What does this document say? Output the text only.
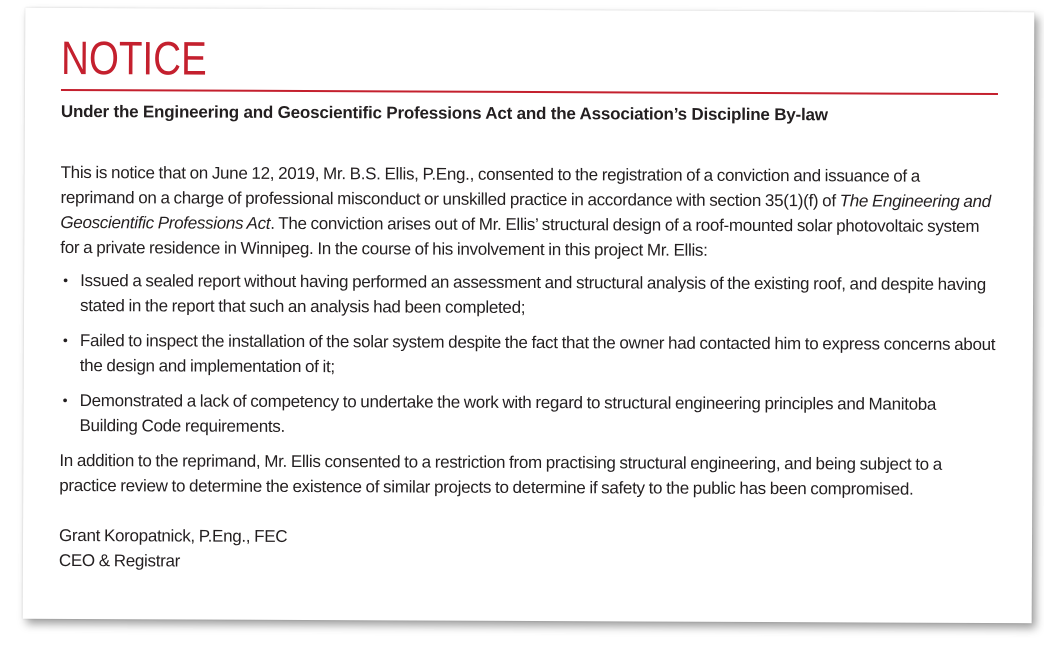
NOTICE
Under the Engineering and Geoscientific Professions Act and the Association’s Discipline By-law

This is notice that on June 12, 2019, Mr. B.S. Ellis, P.Eng., consented to the registration of a conviction and issuance of a reprimand on a charge of professional misconduct or unskilled practice in accordance with section 35(1)(f) of The Engineering and Geoscientific Professions Act. The conviction arises out of Mr. Ellis’ structural design of a roof-mounted solar photovoltaic system for a private residence in Winnipeg. In the course of his involvement in this project Mr. Ellis:

• Issued a sealed report without having performed an assessment and structural analysis of the existing roof, and despite having stated in the report that such an analysis had been completed;
• Failed to inspect the installation of the solar system despite the fact that the owner had contacted him to express concerns about the design and implementation of it;
• Demonstrated a lack of competency to undertake the work with regard to structural engineering principles and Manitoba Building Code requirements.

In addition to the reprimand, Mr. Ellis consented to a restriction from practising structural engineering, and being subject to a practice review to determine the existence of similar projects to determine if safety to the public has been compromised.

Grant Koropatnick, P.Eng., FEC
CEO & Registrar
